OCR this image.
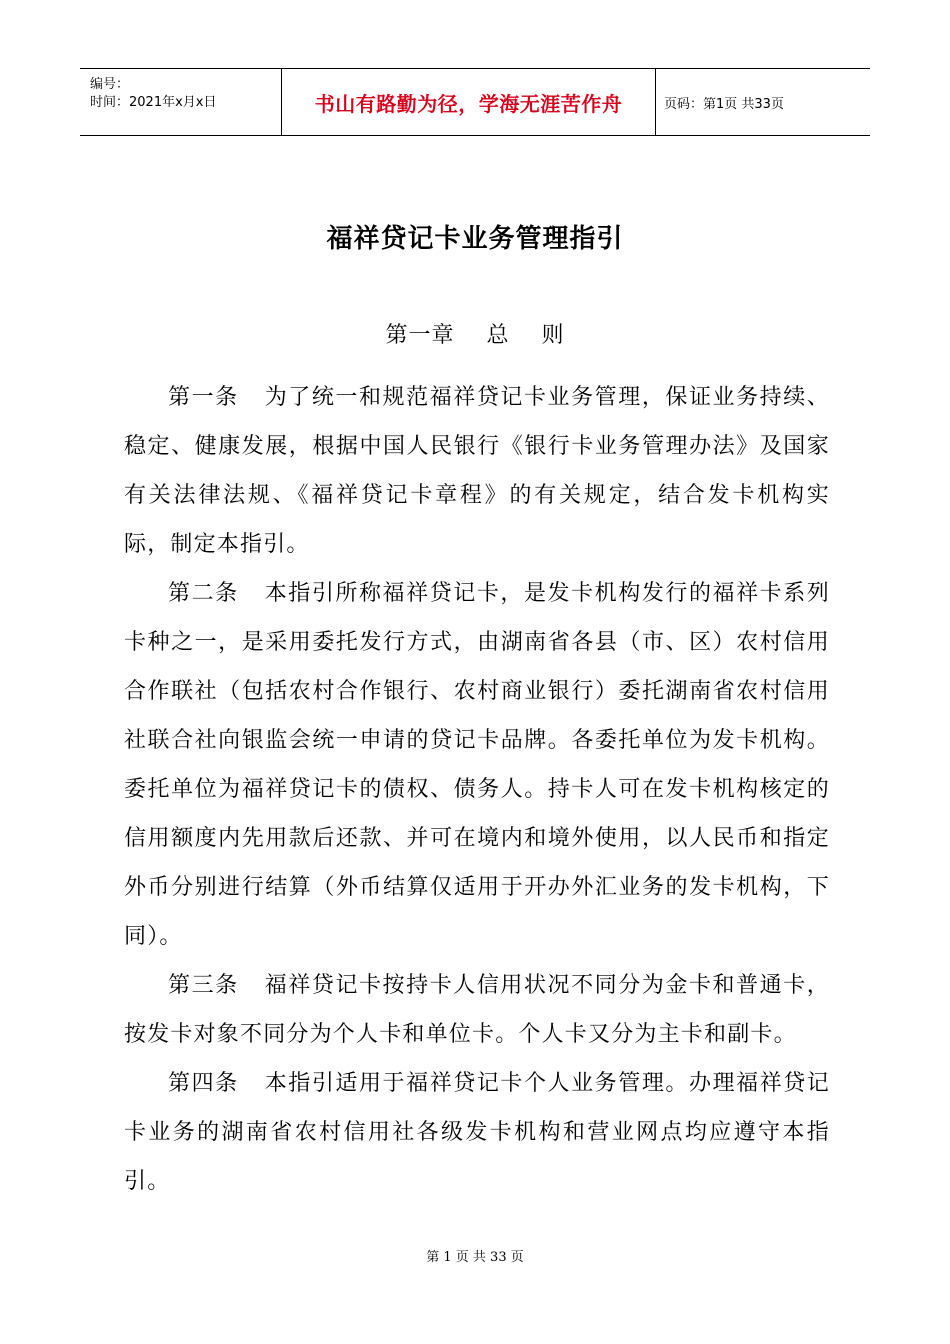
编号：
时间：2021年x月x日	书山有路勤为径，学海无涯苦作舟	页码：第1页 共33页
福祥贷记卡业务管理指引
第一章    总    则

第一条 为了统一和规范福祥贷记卡业务管理，保证业务持续、稳定、健康发展，根据中国人民银行《银行卡业务管理办法》及国家有关法律法规、《福祥贷记卡章程》的有关规定，结合发卡机构实际，制定本指引。

第二条 本指引所称福祥贷记卡，是发卡机构发行的福祥卡系列卡种之一，是采用委托发行方式，由湖南省各县（市、区）农村信用合作联社（包括农村合作银行、农村商业银行）委托湖南省农村信用社联合社向银监会统一申请的贷记卡品牌。各委托单位为发卡机构。委托单位为福祥贷记卡的债权、债务人。持卡人可在发卡机构核定的信用额度内先用款后还款、并可在境内和境外使用，以人民币和指定外币分别进行结算（外币结算仅适用于开办外汇业务的发卡机构，下同）。

第三条 福祥贷记卡按持卡人信用状况不同分为金卡和普通卡，按发卡对象不同分为个人卡和单位卡。个人卡又分为主卡和副卡。

第四条 本指引适用于福祥贷记卡个人业务管理。办理福祥贷记卡业务的湖南省农村信用社各级发卡机构和营业网点均应遵守本指引。

第 1 页 共 33 页
